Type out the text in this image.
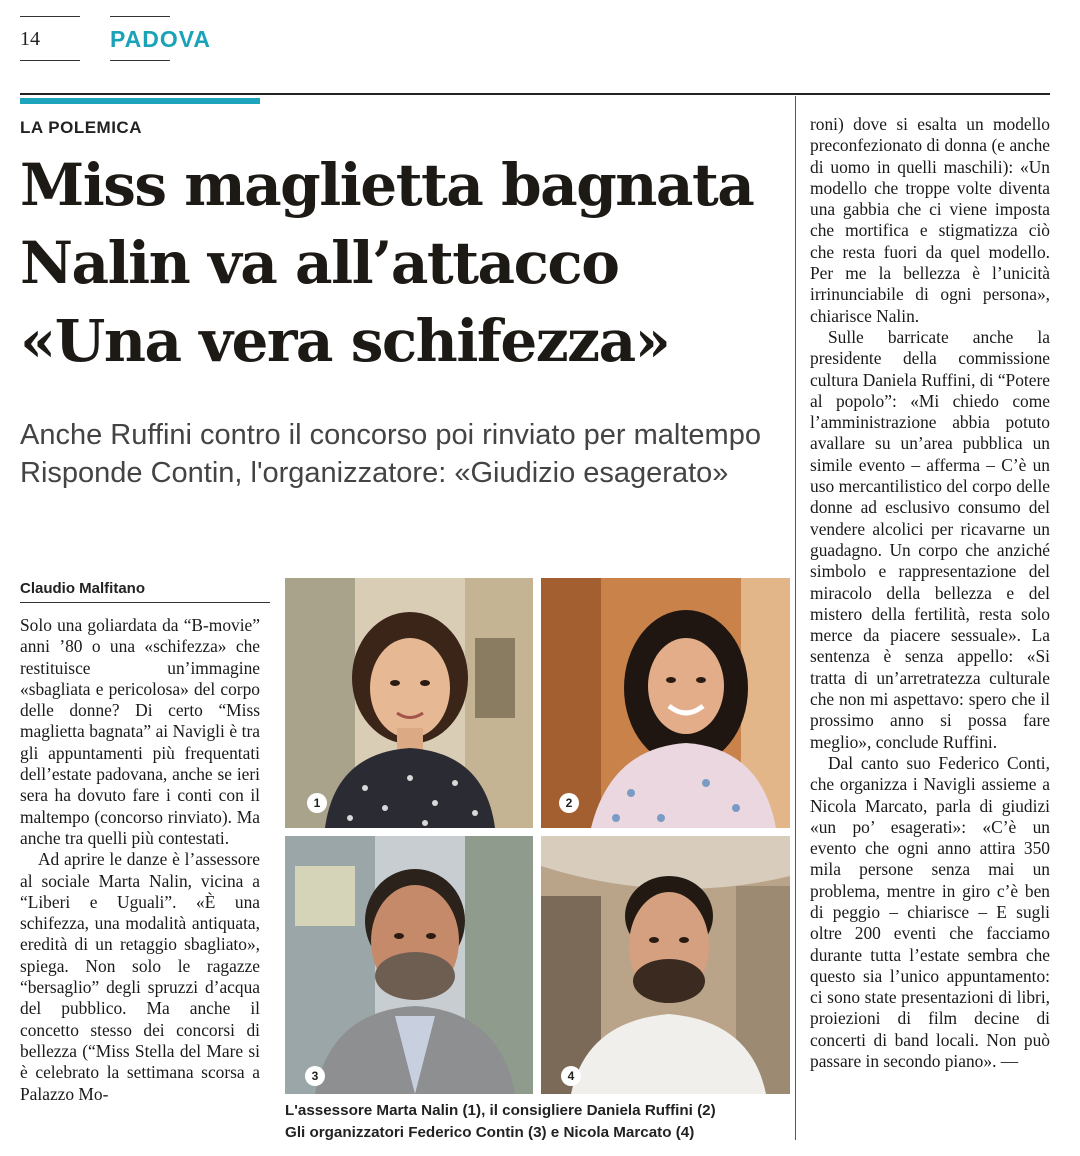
14	PADOVA
LA POLEMICA
Miss maglietta bagnata
Nalin va all’attacco
«Una vera schifezza»
Anche Ruffini contro il concorso poi rinviato per maltempo
Risponde Contin, l'organizzatore: «Giudizio esagerato»
Claudio Malfitano

Solo una goliardata da “B-movie” anni ’80 o una «schifezza» che restituisce un’immagine «sbagliata e pericolosa» del corpo delle donne? Di certo “Miss maglietta bagnata” ai Navigli è tra gli appuntamenti più frequentati dell’estate padovana, anche se ieri sera ha dovuto fare i conti con il maltempo (concorso rinviato). Ma anche tra quelli più contestati.

Ad aprire le danze è l’assessore al sociale Marta Nalin, vicina a “Liberi e Uguali”. «È una schifezza, una modalità antiquata, eredità di un retaggio sbagliato», spiega. Non solo le ragazze “bersaglio” degli spruzzi d’acqua del pubblico. Ma anche il concetto stesso dei concorsi di bellezza (“Miss Stella del Mare si è celebrato la settimana scorsa a Palazzo Mo-

roni) dove si esalta un modello preconfezionato di donna (e anche di uomo in quelli maschili): «Un modello che troppe volte diventa una gabbia che ci viene imposta che mortifica e stigmatizza ciò che resta fuori da quel modello. Per me la bellezza è l’unicità irrinunciabile di ogni persona», chiarisce Nalin.

Sulle barricate anche la presidente della commissione cultura Daniela Ruffini, di “Potere al popolo”: «Mi chiedo come l’amministrazione abbia potuto avallare su un’area pubblica un simile evento – afferma – C’è un uso mercantilistico del corpo delle donne ad esclusivo consumo del vendere alcolici per ricavarne un guadagno. Un corpo che anziché simbolo e rappresentazione del miracolo della bellezza e del mistero della fertilità, resta solo merce da piacere sessuale». La sentenza è senza appello: «Si tratta di un’arretratezza culturale che non mi aspettavo: spero che il prossimo anno si possa fare meglio», conclude Ruffini.

Dal canto suo Federico Conti, che organizza i Navigli assieme a Nicola Marcato, parla di giudizi «un po’ esagerati»: «C’è un evento che ogni anno attira 350 mila persone senza mai un problema, mentre in giro c’è ben di peggio – chiarisce – E sugli oltre 200 eventi che facciamo durante tutta l’estate sembra che questo sia l’unico appuntamento: ci sono state presentazioni di libri, proiezioni di film decine di concerti di band locali. Non può passare in secondo piano». —

1	2
3	4
L'assessore Marta Nalin (1), il consigliere Daniela Ruffini (2)
Gli organizzatori Federico Contin (3) e Nicola Marcato (4)
